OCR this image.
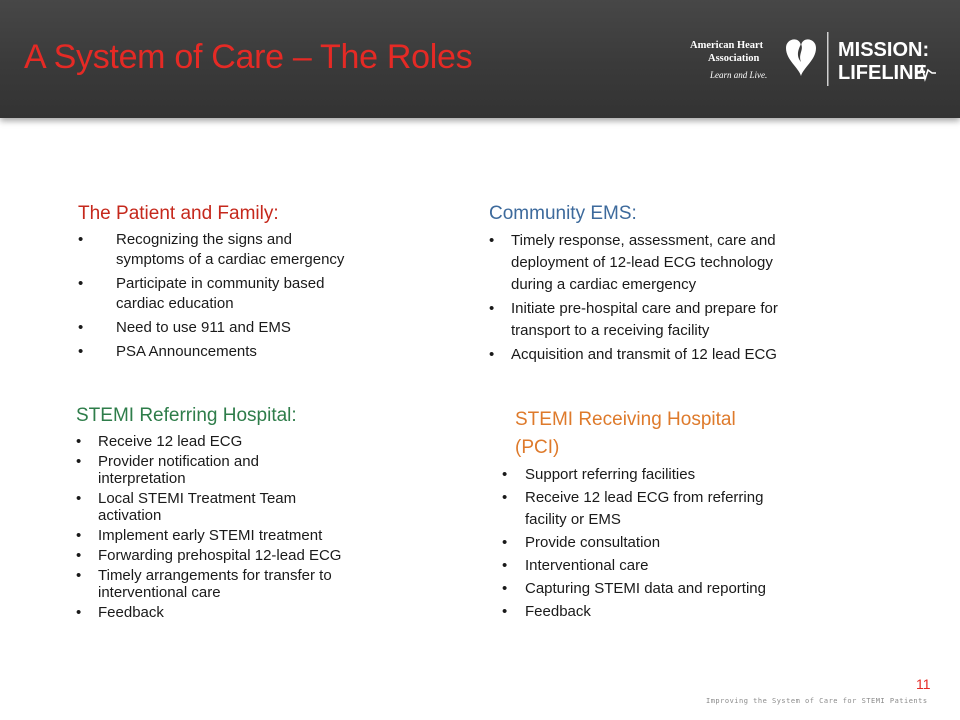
A System of Care – The Roles	American Heart
Association
Learn and Live.
MISSION:
LIFELINE
The Patient and Family:
• Recognizing the signs and
symptoms of a cardiac emergency
• Participate in community based
cardiac education
• Need to use 911 and EMS
• PSA Announcements
Community EMS:
• Timely response, assessment, care and
deployment of 12-lead ECG technology
during a cardiac emergency
• Initiate pre-hospital care and prepare for
transport to a receiving facility
• Acquisition and transmit of 12 lead ECG
STEMI Referring Hospital:
• Receive 12 lead ECG
• Provider notification and
interpretation
• Local STEMI Treatment Team
activation
• Implement early STEMI treatment
• Forwarding prehospital 12-lead ECG
• Timely arrangements for transfer to
interventional care
• Feedback
STEMI Receiving Hospital
(PCI)
• Support referring facilities
• Receive 12 lead ECG from referring
facility or EMS
• Provide consultation
• Interventional care
• Capturing STEMI data and reporting
• Feedback
11
Improving the System of Care for STEMI Patients
